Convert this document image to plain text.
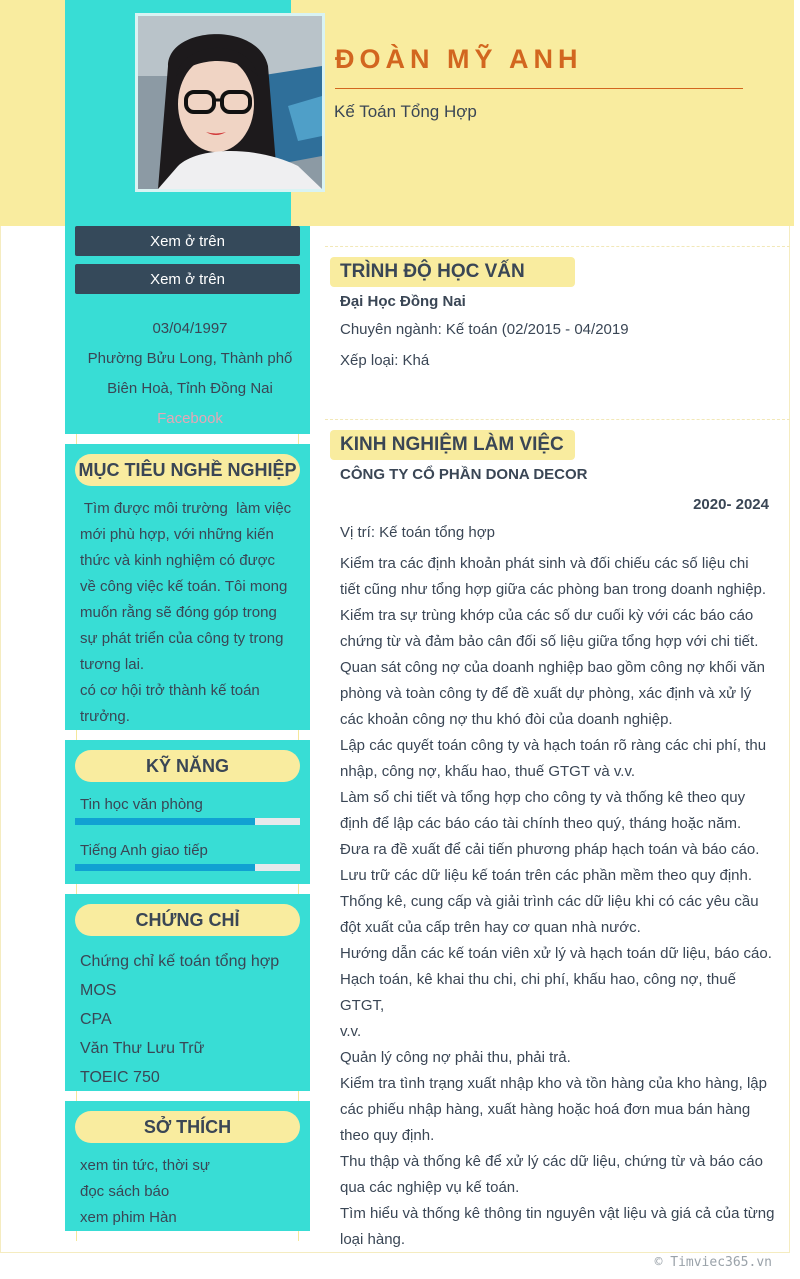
ĐOÀN MỸ ANH
Kế Toán Tổng Hợp
Xem ở trên
Xem ở trên
03/04/1997
Phường Bửu Long, Thành phố
Biên Hoà, Tỉnh Đồng Nai
Facebook
MỤC TIÊU NGHỀ NGHIỆP
Tìm được môi trường  làm việc
mới phù hợp, với những kiến
thức và kinh nghiệm có được
về công việc kế toán. Tôi mong
muốn rằng sẽ đóng góp trong
sự phát triển của công ty trong
tương lai.
có cơ hội trở thành kế toán
trưởng.
KỸ NĂNG
Tin học văn phòng
Tiếng Anh giao tiếp
CHỨNG CHỈ
Chứng chỉ kế toán tổng hợp
MOS
CPA
Văn Thư Lưu Trữ
TOEIC 750
SỞ THÍCH
xem tin tức, thời sự
đọc sách báo
xem phim Hàn
TRÌNH ĐỘ HỌC VẤN
Đại Học Đồng Nai
Chuyên ngành: Kế toán (02/2015 - 04/2019
Xếp loại: Khá
KINH NGHIỆM LÀM VIỆC
CÔNG TY CỔ PHẦN DONA DECOR
2020- 2024
Vị trí: Kế toán tổng hợp
Kiểm tra các định khoản phát sinh và đối chiếu các số liệu chi
tiết cũng như tổng hợp giữa các phòng ban trong doanh nghiệp.
Kiểm tra sự trùng khớp của các số dư cuối kỳ với các báo cáo
chứng từ và đảm bảo cân đối số liệu giữa tổng hợp với chi tiết.
Quan sát công nợ của doanh nghiệp bao gồm công nợ khối văn
phòng và toàn công ty để đề xuất dự phòng, xác định và xử lý
các khoản công nợ thu khó đòi của doanh nghiệp.
Lập các quyết toán công ty và hạch toán rõ ràng các chi phí, thu
nhập, công nợ, khấu hao, thuế GTGT và v.v.
Làm sổ chi tiết và tổng hợp cho công ty và thống kê theo quy
định để lập các báo cáo tài chính theo quý, tháng hoặc năm.
Đưa ra đề xuất để cải tiến phương pháp hạch toán và báo cáo.
Lưu trữ các dữ liệu kế toán trên các phần mềm theo quy định.
Thống kê, cung cấp và giải trình các dữ liệu khi có các yêu cầu
đột xuất của cấp trên hay cơ quan nhà nước.
Hướng dẫn các kế toán viên xử lý và hạch toán dữ liệu, báo cáo.
Hạch toán, kê khai thu chi, chi phí, khấu hao, công nợ, thuế GTGT,
v.v.
Quản lý công nợ phải thu, phải trả.
Kiểm tra tình trạng xuất nhập kho và tồn hàng của kho hàng, lập
các phiếu nhập hàng, xuất hàng hoặc hoá đơn mua bán hàng
theo quy định.
Thu thập và thống kê để xử lý các dữ liệu, chứng từ và báo cáo
qua các nghiệp vụ kế toán.
Tìm hiểu và thống kê thông tin nguyên vật liệu và giá cả của từng
loại hàng.
© Timviec365.vn
